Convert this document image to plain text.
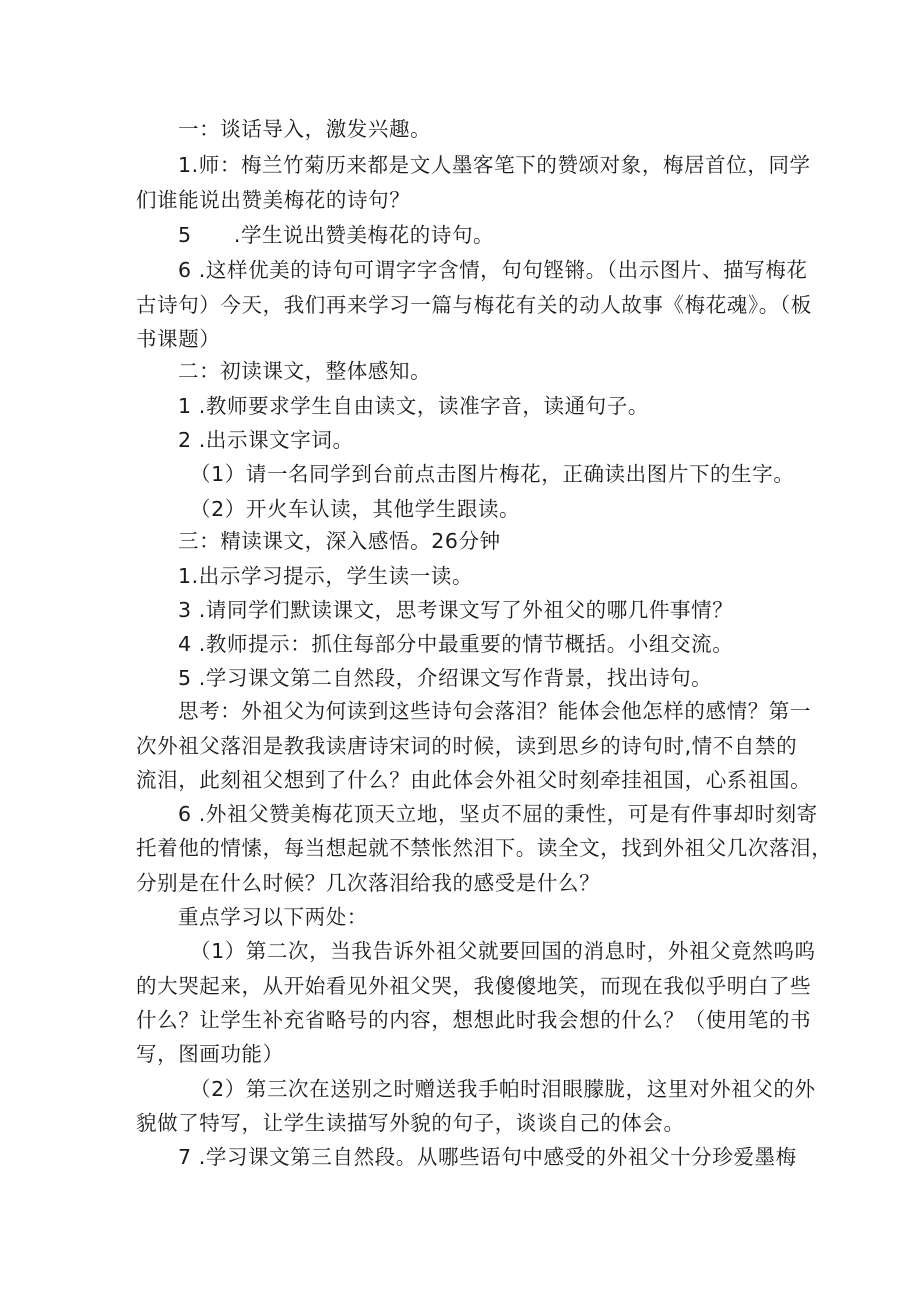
一：谈话导入，激发兴趣。
1.师：梅兰竹菊历来都是文人墨客笔下的赞颂对象，梅居首位，同学
们谁能说出赞美梅花的诗句？
5　　.学生说出赞美梅花的诗句。
6 .这样优美的诗句可谓字字含情，句句铿锵。（出示图片、描写梅花
古诗句）今天，我们再来学习一篇与梅花有关的动人故事《梅花魂》。（板
书课题）
二：初读课文，整体感知。
1 .教师要求学生自由读文，读准字音，读通句子。
2 .出示课文字词。
（1）请一名同学到台前点击图片梅花，正确读出图片下的生字。
（2）开火车认读，其他学生跟读。
三：精读课文，深入感悟。26分钟
1.出示学习提示，学生读一读。
3 .请同学们默读课文，思考课文写了外祖父的哪几件事情？
4 .教师提示：抓住每部分中最重要的情节概括。小组交流。
5 .学习课文第二自然段，介绍课文写作背景，找出诗句。
思考：外祖父为何读到这些诗句会落泪？能体会他怎样的感情？第一
次外祖父落泪是教我读唐诗宋词的时候，读到思乡的诗句时,情不自禁的
流泪，此刻祖父想到了什么？由此体会外祖父时刻牵挂祖国，心系祖国。
6 .外祖父赞美梅花顶天立地，坚贞不屈的秉性，可是有件事却时刻寄
托着他的情愫，每当想起就不禁怅然泪下。读全文，找到外祖父几次落泪，
分别是在什么时候？几次落泪给我的感受是什么？
重点学习以下两处：
（1）第二次，当我告诉外祖父就要回国的消息时，外祖父竟然呜呜
的大哭起来，从开始看见外祖父哭，我傻傻地笑，而现在我似乎明白了些
什么？让学生补充省略号的内容，想想此时我会想的什么？（使用笔的书
写，图画功能）
（2）第三次在送别之时赠送我手帕时泪眼朦胧，这里对外祖父的外
貌做了特写，让学生读描写外貌的句子，谈谈自己的体会。
7 .学习课文第三自然段。从哪些语句中感受的外祖父十分珍爱墨梅
